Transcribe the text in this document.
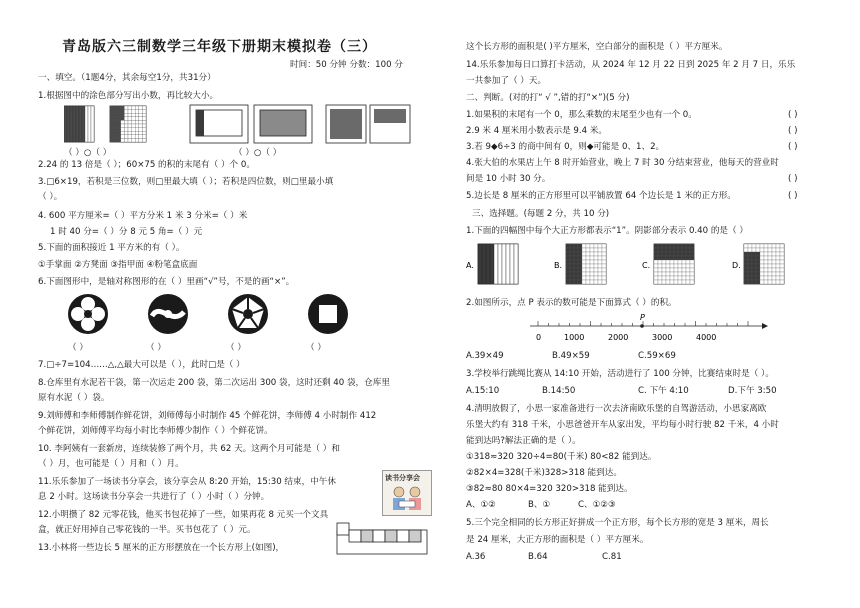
青岛版六三制数学三年级下册期末模拟卷（三）
时间：50 分钟 分数：100 分
一、填空。（1题4分，其余每空1分，共31分）
1.根据图中的涂色部分写出小数，再比较大小。
（ ）○（ ）	（ ）○（ ）
2.24 的 13 倍是（ ）；60×75 的积的末尾有（ ）个 0。
3.□6×19，若积是三位数，则□里最大填（ ）；若积是四位数，则□里最小填
（ ）。
4. 600 平方厘米=（ ）平方分米 1 米 3 分米=（ ）米
1 时 40 分=（ ）分 8 元 5 角=（ ）元
5.下面的面积接近 1 平方米的有（ ）。
①手掌面 ②方凳面 ③指甲面 ④粉笔盒底面
6.下面图形中，是轴对称图形的在（ ）里画“√”号，不是的画“×”。
（ ）	（ ）	（ ）	（ ）
7.□÷7=104……△,△最大可以是（ ），此时□是（ ）
8.仓库里有水泥若干袋，第一次运走 200 袋，第二次运出 300 袋，这时还剩 40 袋，仓库里
原有水泥（ ）袋。
9.刘师傅和李师傅制作鲜花饼，刘师傅每小时制作 45 个鲜花饼，李师傅 4 小时制作 412
个鲜花饼，刘师傅平均每小时比李师傅少制作（ ）个鲜花饼。
10. 李阿姨有一套新房，连续装修了两个月，共 62 天。这两个月可能是（ ）和
（ ）月，也可能是（ ）月和（ ）月。
11.乐乐参加了一场读书分享会，该分享会从 8:20 开始，15:30 结束，中午休
息 2 小时。这场读书分享会一共进行了（ ）小时（ ）分钟。
读书分享会
12.小明攒了 82 元零花钱，他买书包花掉了一些，如果再花 8 元买一个文具
盒，就正好用掉自己零花钱的一半。买书包花了（ ）元。
13.小林将一些边长 5 厘米的正方形摆放在一个长方形上(如图)，
这个长方形的面积是( )平方厘米，空白部分的面积是（ ）平方厘米。
14.乐乐参加每日口算打卡活动，从 2024 年 12 月 22 日到 2025 年 2 月 7 日，乐乐
一共参加了（ ）天。
二、判断。(对的打“ √ ”,错的打“×”)(5 分)
1.如果积的末尾有一个 0，那么乘数的末尾至少也有一个 0。	( )
2.9 米 4 厘米用小数表示是 9.4 米。	( )
3.若 9◆6÷3 的商中间有 0，则◆可能是 0、1、2。	( )
4.张大伯的水果店上午 8 时开始营业，晚上 7 时 30 分结束营业，他每天的营业时
间是 10 小时 30 分。	( )
5.边长是 8 厘米的正方形里可以平铺放置 64 个边长是 1 米的正方形。	( )
三、选择题。(每题 2 分，共 10 分)
1.下面的四幅图中每个大正方形都表示“1”。阴影部分表示 0.40 的是（ ）
A.	B.	C.	D.
2.如图所示，点 P 表示的数可能是下面算式（ ）的积。
P
0	1000	2000	3000	4000
A.39×49	B.49×59	C.59×69
3.学校举行跳绳比赛从 14:10 开始，活动进行了 100 分钟，比赛结束时是（ ）。
A.15:10	B.14:50	C. 下午 4:10	D.下午 3:50
4.清明放假了，小思一家准备进行一次去济南欧乐堡的自驾游活动，小思家离欧
乐堡大约有 318 千米，小思爸爸开车从家出发，平均每小时行驶 82 千米，4 小时
能到达吗?解法正确的是（ ）。
①318≈320 320÷4=80(千米) 80<82 能到达。
②82×4=328(千米)328>318 能到达。
③82≈80 80×4=320 320>318 能到达。
A、①②	B、①	C、①②③
5.三个完全相同的长方形正好拼成一个正方形，每个长方形的宽是 3 厘米，周长
是 24 厘米，大正方形的面积是（ ）平方厘米。
A.36	B.64	C.81
